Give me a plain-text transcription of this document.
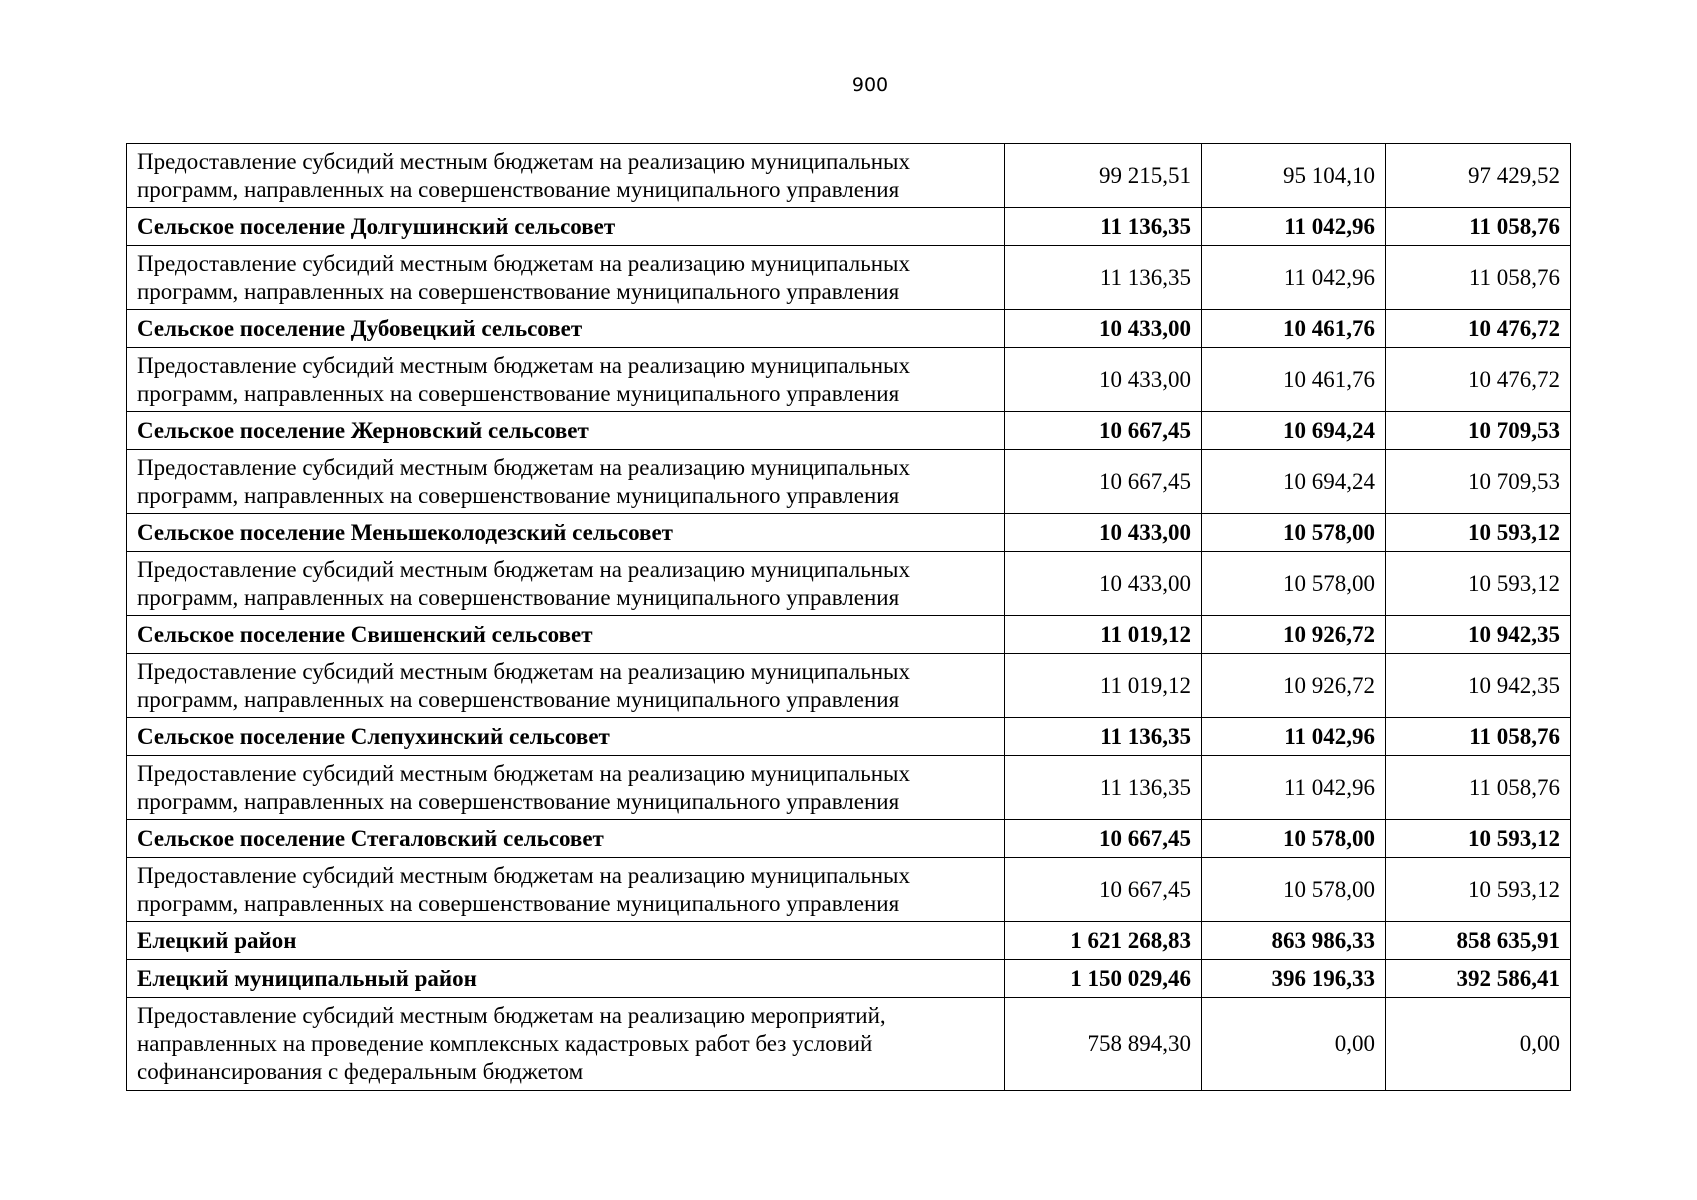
900
Предоставление субсидий местным бюджетам на реализацию муниципальных программ, направленных на совершенствование муниципального управления	99 215,51	95 104,10	97 429,52
Сельское поселение Долгушинский сельсовет	11 136,35	11 042,96	11 058,76
Предоставление субсидий местным бюджетам на реализацию муниципальных программ, направленных на совершенствование муниципального управления	11 136,35	11 042,96	11 058,76
Сельское поселение Дубовецкий сельсовет	10 433,00	10 461,76	10 476,72
Предоставление субсидий местным бюджетам на реализацию муниципальных программ, направленных на совершенствование муниципального управления	10 433,00	10 461,76	10 476,72
Сельское поселение Жерновский сельсовет	10 667,45	10 694,24	10 709,53
Предоставление субсидий местным бюджетам на реализацию муниципальных программ, направленных на совершенствование муниципального управления	10 667,45	10 694,24	10 709,53
Сельское поселение Меньшеколодезский сельсовет	10 433,00	10 578,00	10 593,12
Предоставление субсидий местным бюджетам на реализацию муниципальных программ, направленных на совершенствование муниципального управления	10 433,00	10 578,00	10 593,12
Сельское поселение Свишенский сельсовет	11 019,12	10 926,72	10 942,35
Предоставление субсидий местным бюджетам на реализацию муниципальных программ, направленных на совершенствование муниципального управления	11 019,12	10 926,72	10 942,35
Сельское поселение Слепухинский сельсовет	11 136,35	11 042,96	11 058,76
Предоставление субсидий местным бюджетам на реализацию муниципальных программ, направленных на совершенствование муниципального управления	11 136,35	11 042,96	11 058,76
Сельское поселение Стегаловский сельсовет	10 667,45	10 578,00	10 593,12
Предоставление субсидий местным бюджетам на реализацию муниципальных программ, направленных на совершенствование муниципального управления	10 667,45	10 578,00	10 593,12
Елецкий район	1 621 268,83	863 986,33	858 635,91
Елецкий муниципальный район	1 150 029,46	396 196,33	392 586,41
Предоставление субсидий местным бюджетам на реализацию мероприятий, направленных на проведение комплексных кадастровых работ без условий софинансирования с федеральным бюджетом	758 894,30	0,00	0,00
